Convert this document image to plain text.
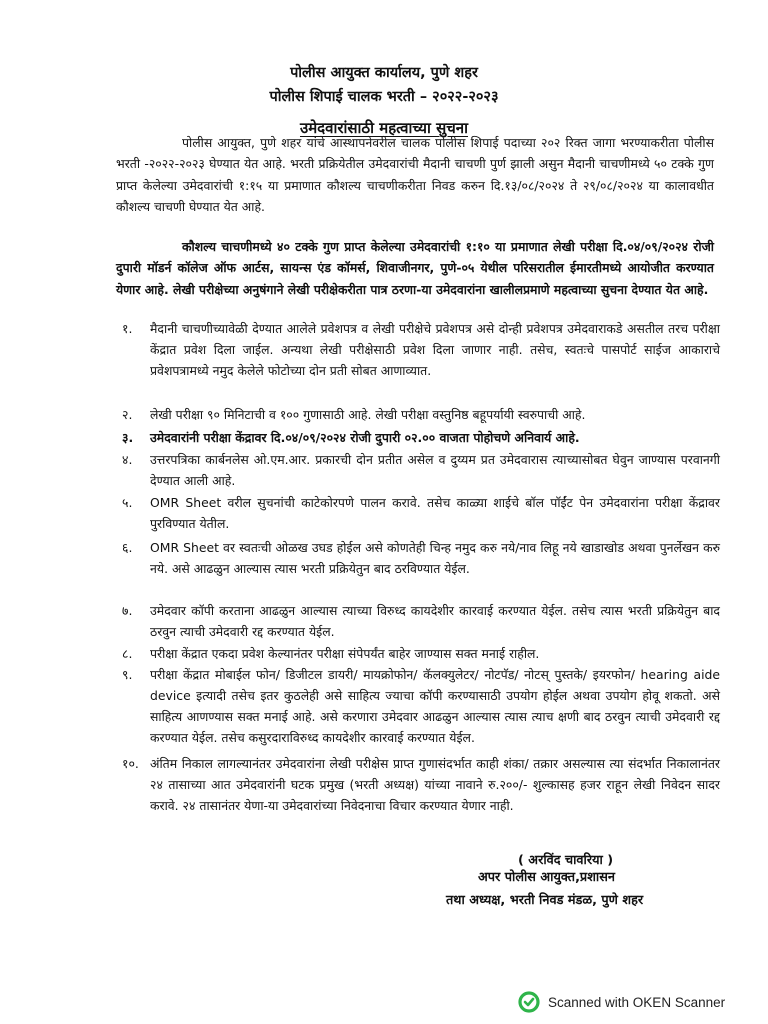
पोलीस आयुक्त कार्यालय, पुणे शहर
पोलीस शिपाई चालक भरती – २०२२-२०२३
उमेदवारांसाठी महत्वाच्या सुचना

पोलीस आयुक्त, पुणे शहर यांचे आस्थापनेवरील चालक पोलीस शिपाई पदाच्या २०२ रिक्त जागा भरण्याकरीता पोलीस भरती -२०२२-२०२३ घेण्यात येत आहे. भरती प्रक्रियेतील उमेदवारांची मैदानी चाचणी पुर्ण झाली असुन मैदानी चाचणीमध्ये ५० टक्के गुण प्राप्त केलेल्या उमेदवारांची १:१५ या प्रमाणात कौशल्य चाचणीकरीता निवड करुन दि.१३/०८/२०२४ ते २९/०८/२०२४ या कालावधीत कौशल्य चाचणी घेण्यात येत आहे.

कौशल्य चाचणीमध्ये ४० टक्के गुण प्राप्त केलेल्या उमेदवारांची १:१० या प्रमाणात लेखी परीक्षा दि.०४/०९/२०२४ रोजी दुपारी मॉडर्न कॉलेज ऑफ आर्टस, सायन्स एंड कॉमर्स, शिवाजीनगर, पुणे-०५ येथील परिसरातील ईमारतीमध्ये आयोजीत करण्यात येणार आहे. लेखी परीक्षेच्या अनुषंगाने लेखी परीक्षेकरीता पात्र ठरणा-या उमेदवारांना खालीलप्रमाणे महत्वाच्या सुचना देण्यात येत आहे.

१.	मैदानी चाचणीच्यावेळी देण्यात आलेले प्रवेशपत्र व लेखी परीक्षेचे प्रवेशपत्र असे दोन्ही प्रवेशपत्र उमेदवाराकडे असतील तरच परीक्षा केंद्रात प्रवेश दिला जाईल. अन्यथा लेखी परीक्षेसाठी प्रवेश दिला जाणार नाही. तसेच, स्वतःचे पासपोर्ट साईज आकाराचे प्रवेशपत्रामध्ये नमुद केलेले फोटोच्या दोन प्रती सोबत आणाव्यात.
२.	लेखी परीक्षा ९० मिनिटाची व १०० गुणासाठी आहे. लेखी परीक्षा वस्तुनिष्ठ बहूपर्यायी स्वरुपाची आहे.
३.	उमेदवारांनी परीक्षा केंद्रावर दि.०४/०९/२०२४ रोजी दुपारी ०२.०० वाजता पोहोचणे अनिवार्य आहे.
४.	उत्तरपत्रिका कार्बनलेस ओ.एम.आर. प्रकारची दोन प्रतीत असेल व दुय्यम प्रत उमेदवारास त्याच्यासोबत घेवुन जाण्यास परवानगी देण्यात आली आहे.
५.	OMR Sheet वरील सुचनांची काटेकोरपणे पालन करावे. तसेच काळ्या शाईचे बॉल पॉईंट पेन उमेदवारांना परीक्षा केंद्रावर पुरविण्यात येतील.
६.	OMR Sheet वर स्वतःची ओळख उघड होईल असे कोणतेही चिन्ह नमुद करु नये/नाव लिहू नये खाडाखोड अथवा पुनर्लेखन करु नये. असे आढळुन आल्यास त्यास भरती प्रक्रियेतुन बाद ठरविण्यात येईल.
७.	उमेदवार कॉपी करताना आढळुन आल्यास त्याच्या विरुध्द कायदेशीर कारवाई करण्यात येईल. तसेच त्यास भरती प्रक्रियेतुन बाद ठरवुन त्याची उमेदवारी रद्द करण्यात येईल.
८.	परीक्षा केंद्रात एकदा प्रवेश केल्यानंतर परीक्षा संपेपर्यंत बाहेर जाण्यास सक्त मनाई राहील.
९.	परीक्षा केंद्रात मोबाईल फोन/ डिजीटल डायरी/ मायक्रोफोन/ कॅलक्युलेटर/ नोटपॅड/ नोटस् पुस्तके/ इयरफोन/ hearing aide device इत्यादी तसेच इतर कुठलेही असे साहित्य ज्याचा कॉपी करण्यासाठी उपयोग होईल अथवा उपयोग होवू शकतो. असे साहित्य आणण्यास सक्त मनाई आहे. असे करणारा उमेदवार आढळुन आल्यास त्यास त्याच क्षणी बाद ठरवुन त्याची उमेदवारी रद्द करण्यात येईल. तसेच कसुरदाराविरुध्द कायदेशीर कारवाई करण्यात येईल.
१०. अंतिम निकाल लागल्यानंतर उमेदवारांना लेखी परीक्षेस प्राप्त गुणासंदर्भात काही शंका/ तक्रार असल्यास त्या संदर्भात निकालानंतर २४ तासाच्या आत उमेदवारांनी घटक प्रमुख (भरती अध्यक्ष) यांच्या नावाने रु.२००/- शुल्कासह हजर राहून लेखी निवेदन सादर करावे. २४ तासानंतर येणा-या उमेदवारांच्या निवेदनाचा विचार करण्यात येणार नाही.
( अरविंद चावरिया )
अपर पोलीस आयुक्त,प्रशासन
तथा अध्यक्ष, भरती निवड मंडळ, पुणे शहर
Scanned with OKEN Scanner
